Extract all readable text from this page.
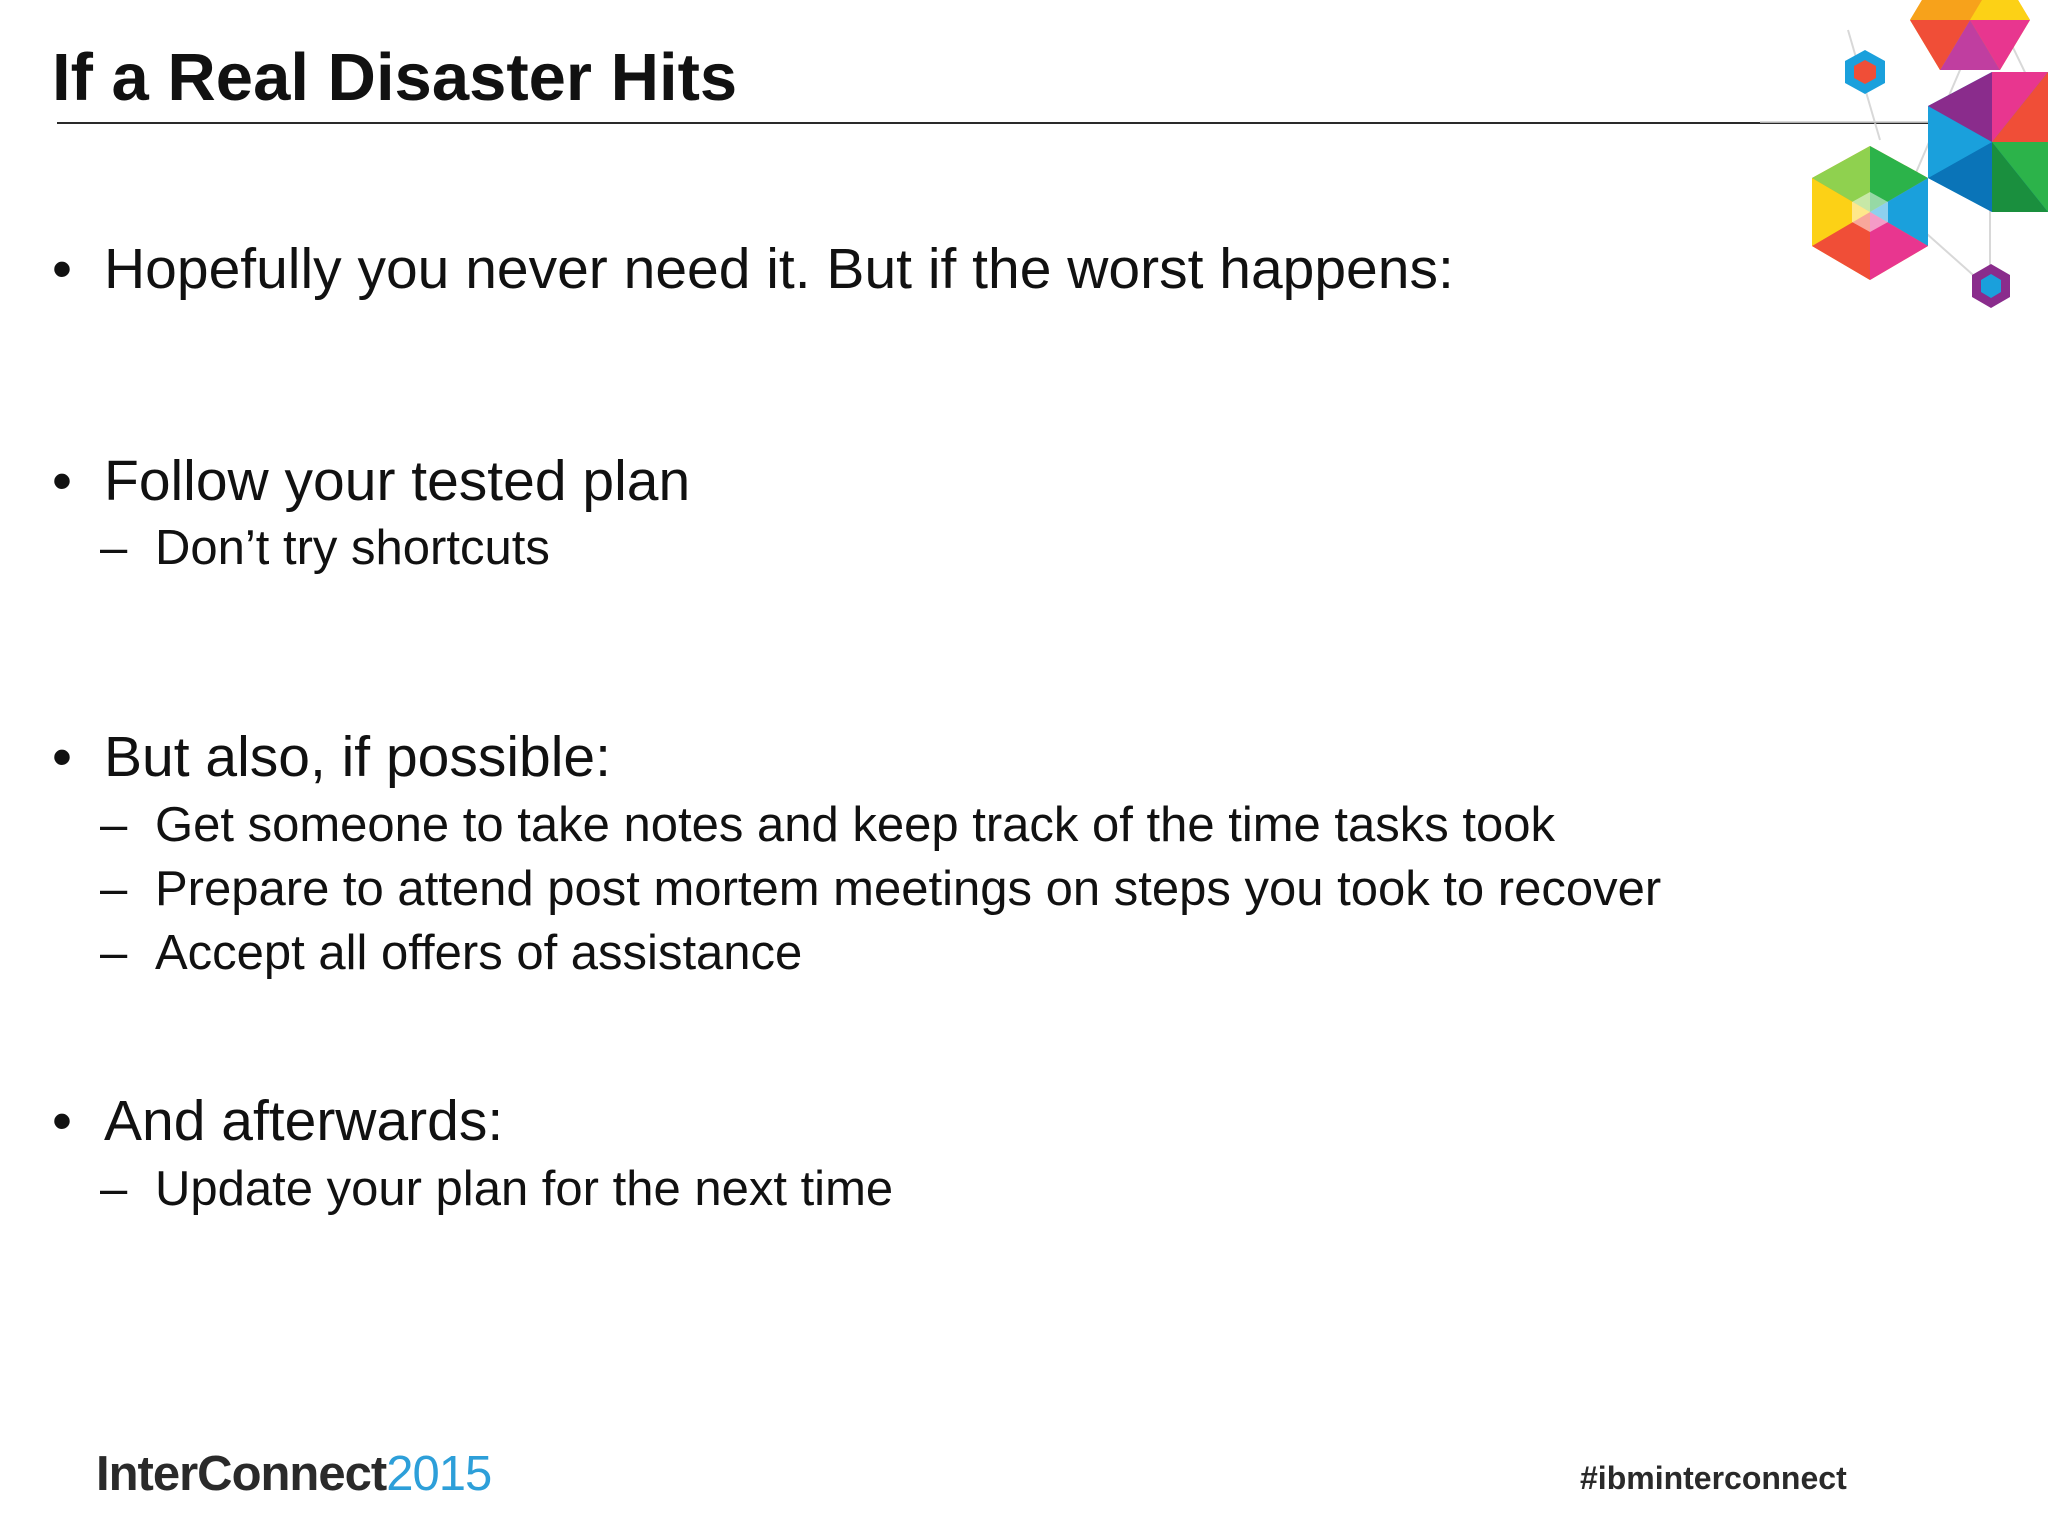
If a Real Disaster Hits
• Hopefully you never need it. But if the worst happens:
• Follow your tested plan
– Don’t try shortcuts
• But also, if possible:
– Get someone to take notes and keep track of the time tasks took
– Prepare to attend post mortem meetings on steps you took to recover
– Accept all offers of assistance
• And afterwards:
– Update your plan for the next time
InterConnect2015	#ibminterconnect
